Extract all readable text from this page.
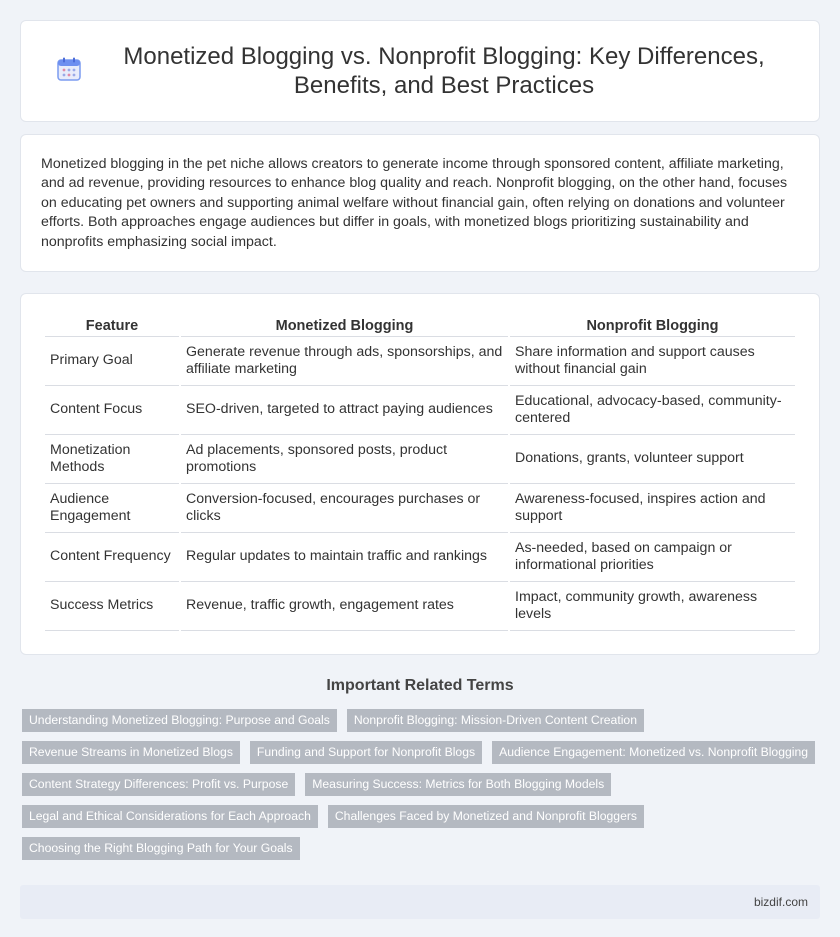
Monetized Blogging vs. Nonprofit Blogging: Key Differences, Benefits, and Best Practices

Monetized blogging in the pet niche allows creators to generate income through sponsored content, affiliate marketing, and ad revenue, providing resources to enhance blog quality and reach. Nonprofit blogging, on the other hand, focuses on educating pet owners and supporting animal welfare without financial gain, often relying on donations and volunteer efforts. Both approaches engage audiences but differ in goals, with monetized blogs prioritizing sustainability and nonprofits emphasizing social impact.

Feature	Monetized Blogging	Nonprofit Blogging
Primary Goal	Generate revenue through ads, sponsorships, and affiliate marketing	Share information and support causes without financial gain
Content Focus	SEO-driven, targeted to attract paying audiences	Educational, advocacy-based, community-centered
Monetization Methods	Ad placements, sponsored posts, product promotions	Donations, grants, volunteer support
Audience Engagement	Conversion-focused, encourages purchases or clicks	Awareness-focused, inspires action and support
Content Frequency	Regular updates to maintain traffic and rankings	As-needed, based on campaign or informational priorities
Success Metrics	Revenue, traffic growth, engagement rates	Impact, community growth, awareness levels
Important Related Terms
Understanding Monetized Blogging: Purpose and Goals	Nonprofit Blogging: Mission-Driven Content Creation
Revenue Streams in Monetized Blogs	Funding and Support for Nonprofit Blogs	Audience Engagement: Monetized vs. Nonprofit Blogging
Content Strategy Differences: Profit vs. Purpose	Measuring Success: Metrics for Both Blogging Models
Legal and Ethical Considerations for Each Approach	Challenges Faced by Monetized and Nonprofit Bloggers
Choosing the Right Blogging Path for Your Goals
bizdif.com
